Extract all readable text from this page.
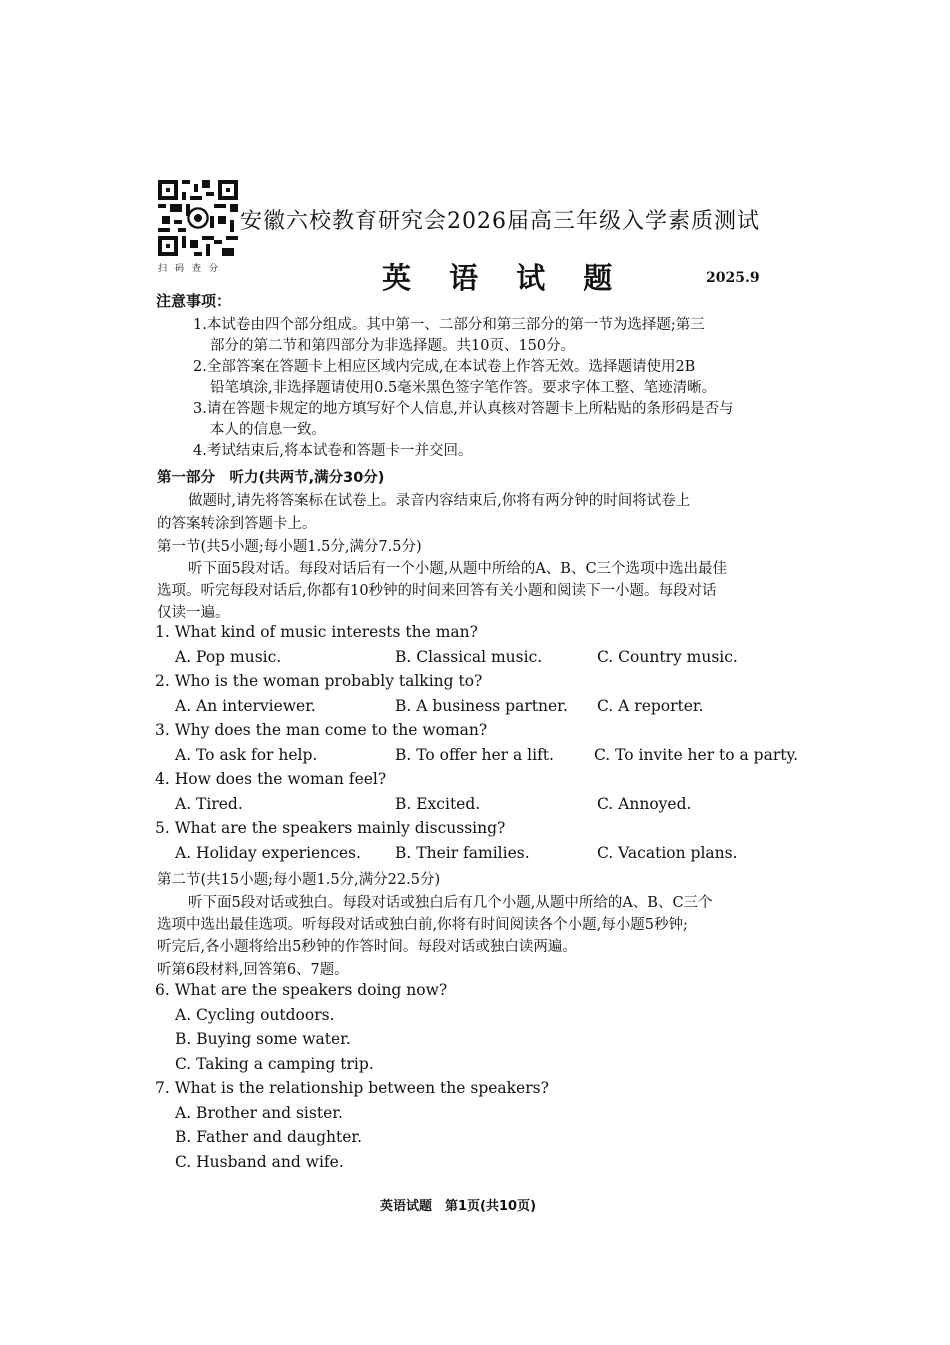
扫码查分
安徽六校教育研究会2026届高三年级入学素质测试
英 语 试 题	2025.9
注意事项：
1.本试卷由四个部分组成。其中第一、二部分和第三部分的第一节为选择题;第三
部分的第二节和第四部分为非选择题。共10页、150分。
2.全部答案在答题卡上相应区域内完成,在本试卷上作答无效。选择题请使用2B
铅笔填涂,非选择题请使用0.5毫米黑色签字笔作答。要求字体工整、笔迹清晰。
3.请在答题卡规定的地方填写好个人信息,并认真核对答题卡上所粘贴的条形码是否与
本人的信息一致。
4.考试结束后,将本试卷和答题卡一并交回。
第一部分　听力(共两节,满分30分)
做题时,请先将答案标在试卷上。录音内容结束后,你将有两分钟的时间将试卷上
的答案转涂到答题卡上。
第一节(共5小题;每小题1.5分,满分7.5分)
听下面5段对话。每段对话后有一个小题,从题中所给的A、B、C三个选项中选出最佳
选项。听完每段对话后,你都有10秒钟的时间来回答有关小题和阅读下一小题。每段对话
仅读一遍。
1. What kind of music interests the man?
A. Pop music.	B. Classical music.	C. Country music.
2. Who is the woman probably talking to?
A. An interviewer.	B. A business partner. C. A reporter.
3. Why does the man come to the woman?
A. To ask for help.	B. To offer her a lift.	C. To invite her to a party.
4. How does the woman feel?
A. Tired.	B. Excited.	C. Annoyed.
5. What are the speakers mainly discussing?
A. Holiday experiences. B. Their families.	C. Vacation plans.
第二节(共15小题;每小题1.5分,满分22.5分)
听下面5段对话或独白。每段对话或独白后有几个小题,从题中所给的A、B、C三个
选项中选出最佳选项。听每段对话或独白前,你将有时间阅读各个小题,每小题5秒钟;
听完后,各小题将给出5秒钟的作答时间。每段对话或独白读两遍。
听第6段材料,回答第6、7题。
6. What are the speakers doing now?
A. Cycling outdoors.
B. Buying some water.
C. Taking a camping trip.
7. What is the relationship between the speakers?
A. Brother and sister.
B. Father and daughter.
C. Husband and wife.
英语试题　第1页(共10页)
